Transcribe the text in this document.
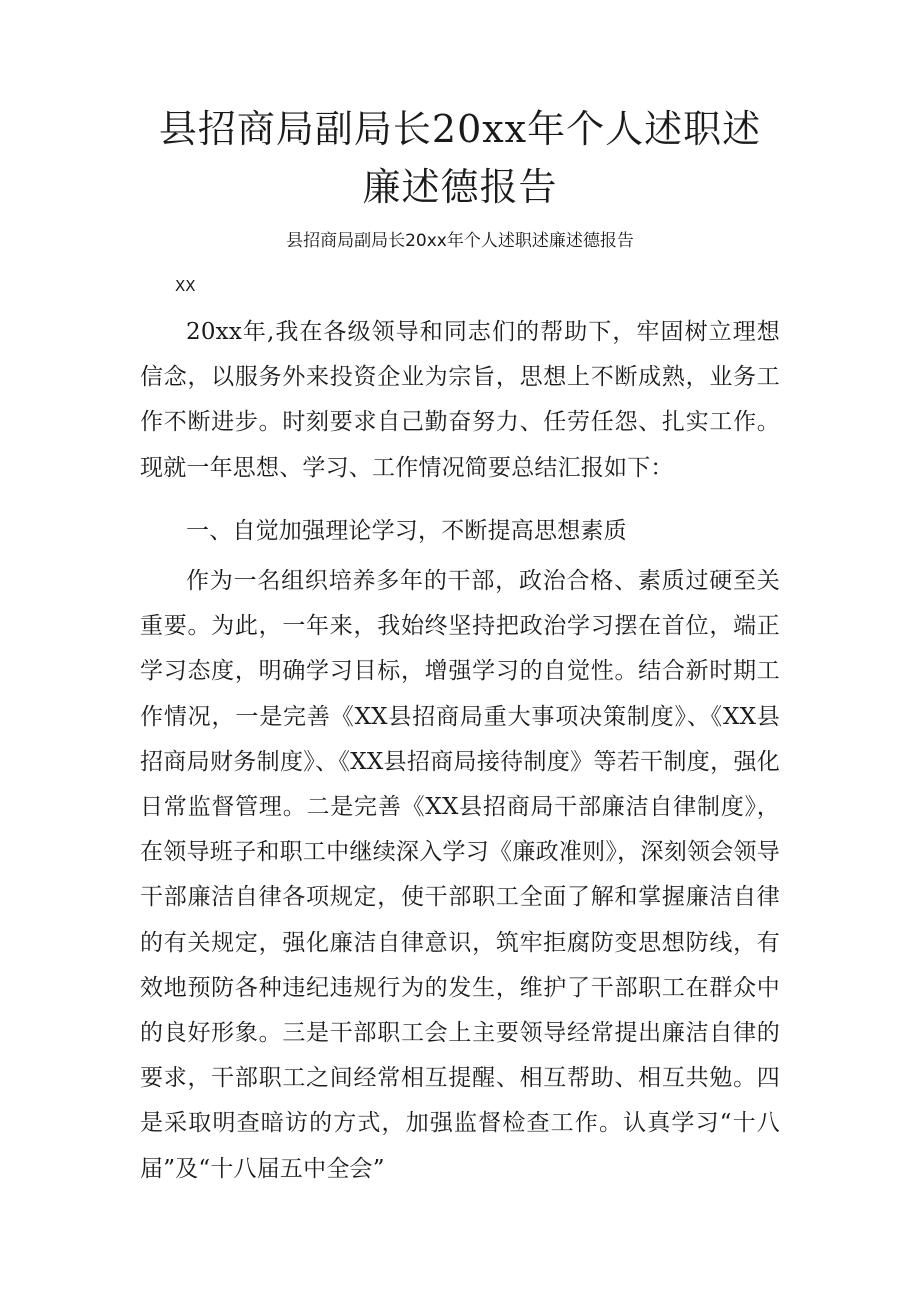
县招商局副局长20xx年个人述职述廉述德报告
县招商局副局长20xx年个人述职述廉述德报告
XX

20xx年,我在各级领导和同志们的帮助下，牢固树立理想信念，以服务外来投资企业为宗旨，思想上不断成熟，业务工作不断进步。时刻要求自己勤奋努力、任劳任怨、扎实工作。现就一年思想、学习、工作情况简要总结汇报如下：

一、自觉加强理论学习，不断提高思想素质

作为一名组织培养多年的干部，政治合格、素质过硬至关重要。为此，一年来，我始终坚持把政治学习摆在首位，端正学习态度，明确学习目标，增强学习的自觉性。结合新时期工作情况，一是完善《XX县招商局重大事项决策制度》、《XX县招商局财务制度》、《XX县招商局接待制度》等若干制度，强化日常监督管理。二是完善《XX县招商局干部廉洁自律制度》，在领导班子和职工中继续深入学习《廉政准则》，深刻领会领导干部廉洁自律各项规定，使干部职工全面了解和掌握廉洁自律的有关规定，强化廉洁自律意识，筑牢拒腐防变思想防线，有效地预防各种违纪违规行为的发生，维护了干部职工在群众中的良好形象。三是干部职工会上主要领导经常提出廉洁自律的要求，干部职工之间经常相互提醒、相互帮助、相互共勉。四是采取明查暗访的方式，加强监督检查工作。认真学习“十八届”及“十八届五中全会”
